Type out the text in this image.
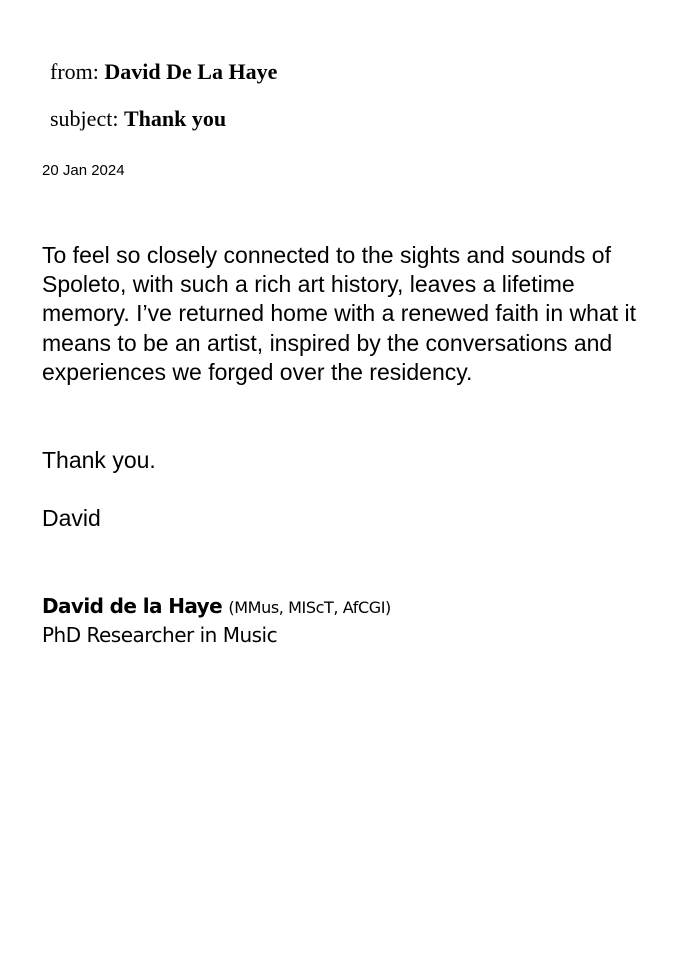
from: David De La Haye
subject: Thank you
20 Jan 2024

To feel so closely connected to the sights and sounds of Spoleto, with such a rich art history, leaves a lifetime memory. I’ve returned home with a renewed faith in what it means to be an artist, inspired by the conversations and experiences we forged over the residency.

Thank you.

David

David de la Haye (MMus, MIScT, AfCGI)
PhD Researcher in Music
